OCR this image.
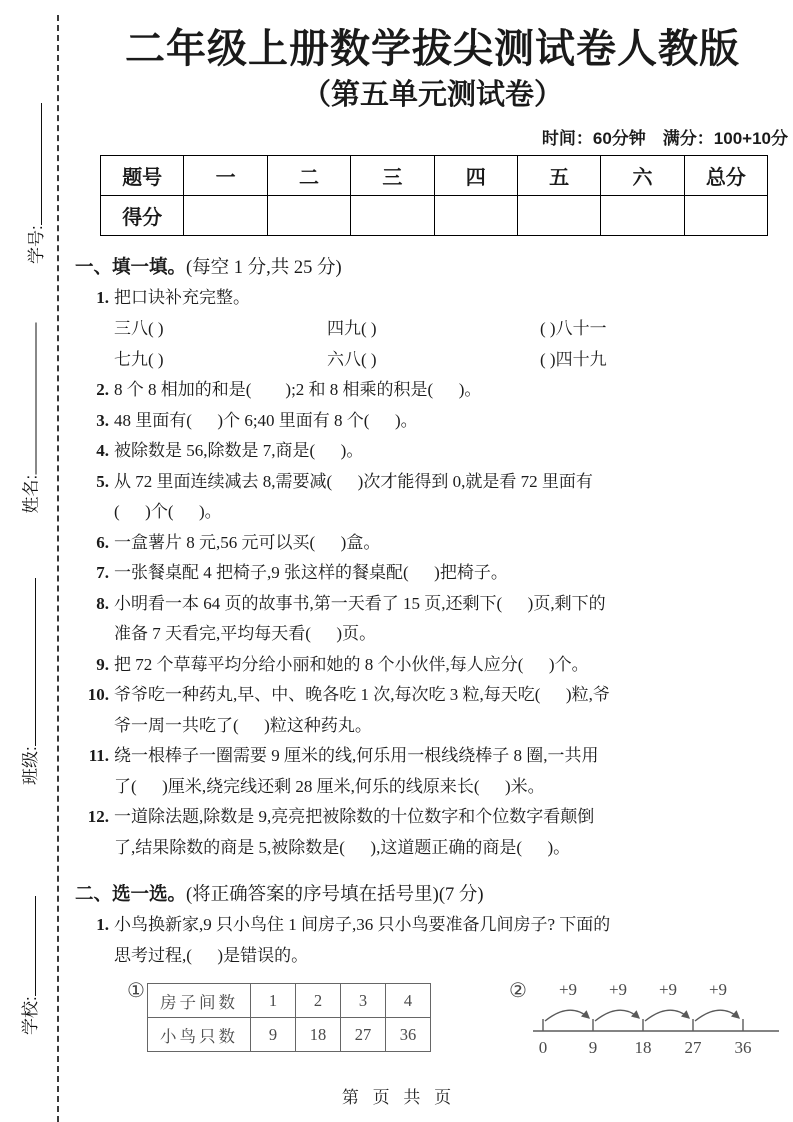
学号:
姓名:
班级:
学校:
二年级上册数学拔尖测试卷人教版
（第五单元测试卷）
时间：60分钟　满分：100+10分
题号	一	二	三	四	五	六	总分
得分							
一、填一填。(每空 1 分,共 25 分)
1. 把口诀补充完整。
三八( )	四九( )	( )八十一
七九( )	六八( )	( )四十九
2. 8 个 8 相加的和是(        );2 和 8 相乘的积是(      )。
3. 48 里面有(      )个 6;40 里面有 8 个(      )。
4. 被除数是 56,除数是 7,商是(      )。
5. 从 72 里面连续减去 8,需要减(      )次才能得到 0,就是看 72 里面有
(      )个(      )。
6. 一盒薯片 8 元,56 元可以买(      )盒。
7. 一张餐桌配 4 把椅子,9 张这样的餐桌配(      )把椅子。
8. 小明看一本 64 页的故事书,第一天看了 15 页,还剩下(      )页,剩下的
准备 7 天看完,平均每天看(      )页。
9. 把 72 个草莓平均分给小丽和她的 8 个小伙伴,每人应分(      )个。
10. 爷爷吃一种药丸,早、中、晚各吃 1 次,每次吃 3 粒,每天吃(      )粒,爷
爷一周一共吃了(      )粒这种药丸。
11. 绕一根棒子一圈需要 9 厘米的线,何乐用一根线绕棒子 8 圈,一共用
了(      )厘米,绕完线还剩 28 厘米,何乐的线原来长(      )米。
12. 一道除法题,除数是 9,亮亮把被除数的十位数字和个位数字看颠倒
了,结果除数的商是 5,被除数是(      ),这道题正确的商是(      )。
二、选一选。(将正确答案的序号填在括号里)(7 分)
1. 小鸟换新家,9 只小鸟住 1 间房子,36 只小鸟要准备几间房子? 下面的
思考过程,(      )是错误的。
① 房子间数	1	2	3	4
小鸟只数	9	18	27	36
② +9 +9 +9 +9
0 9 18 27 36
第 页 共 页
